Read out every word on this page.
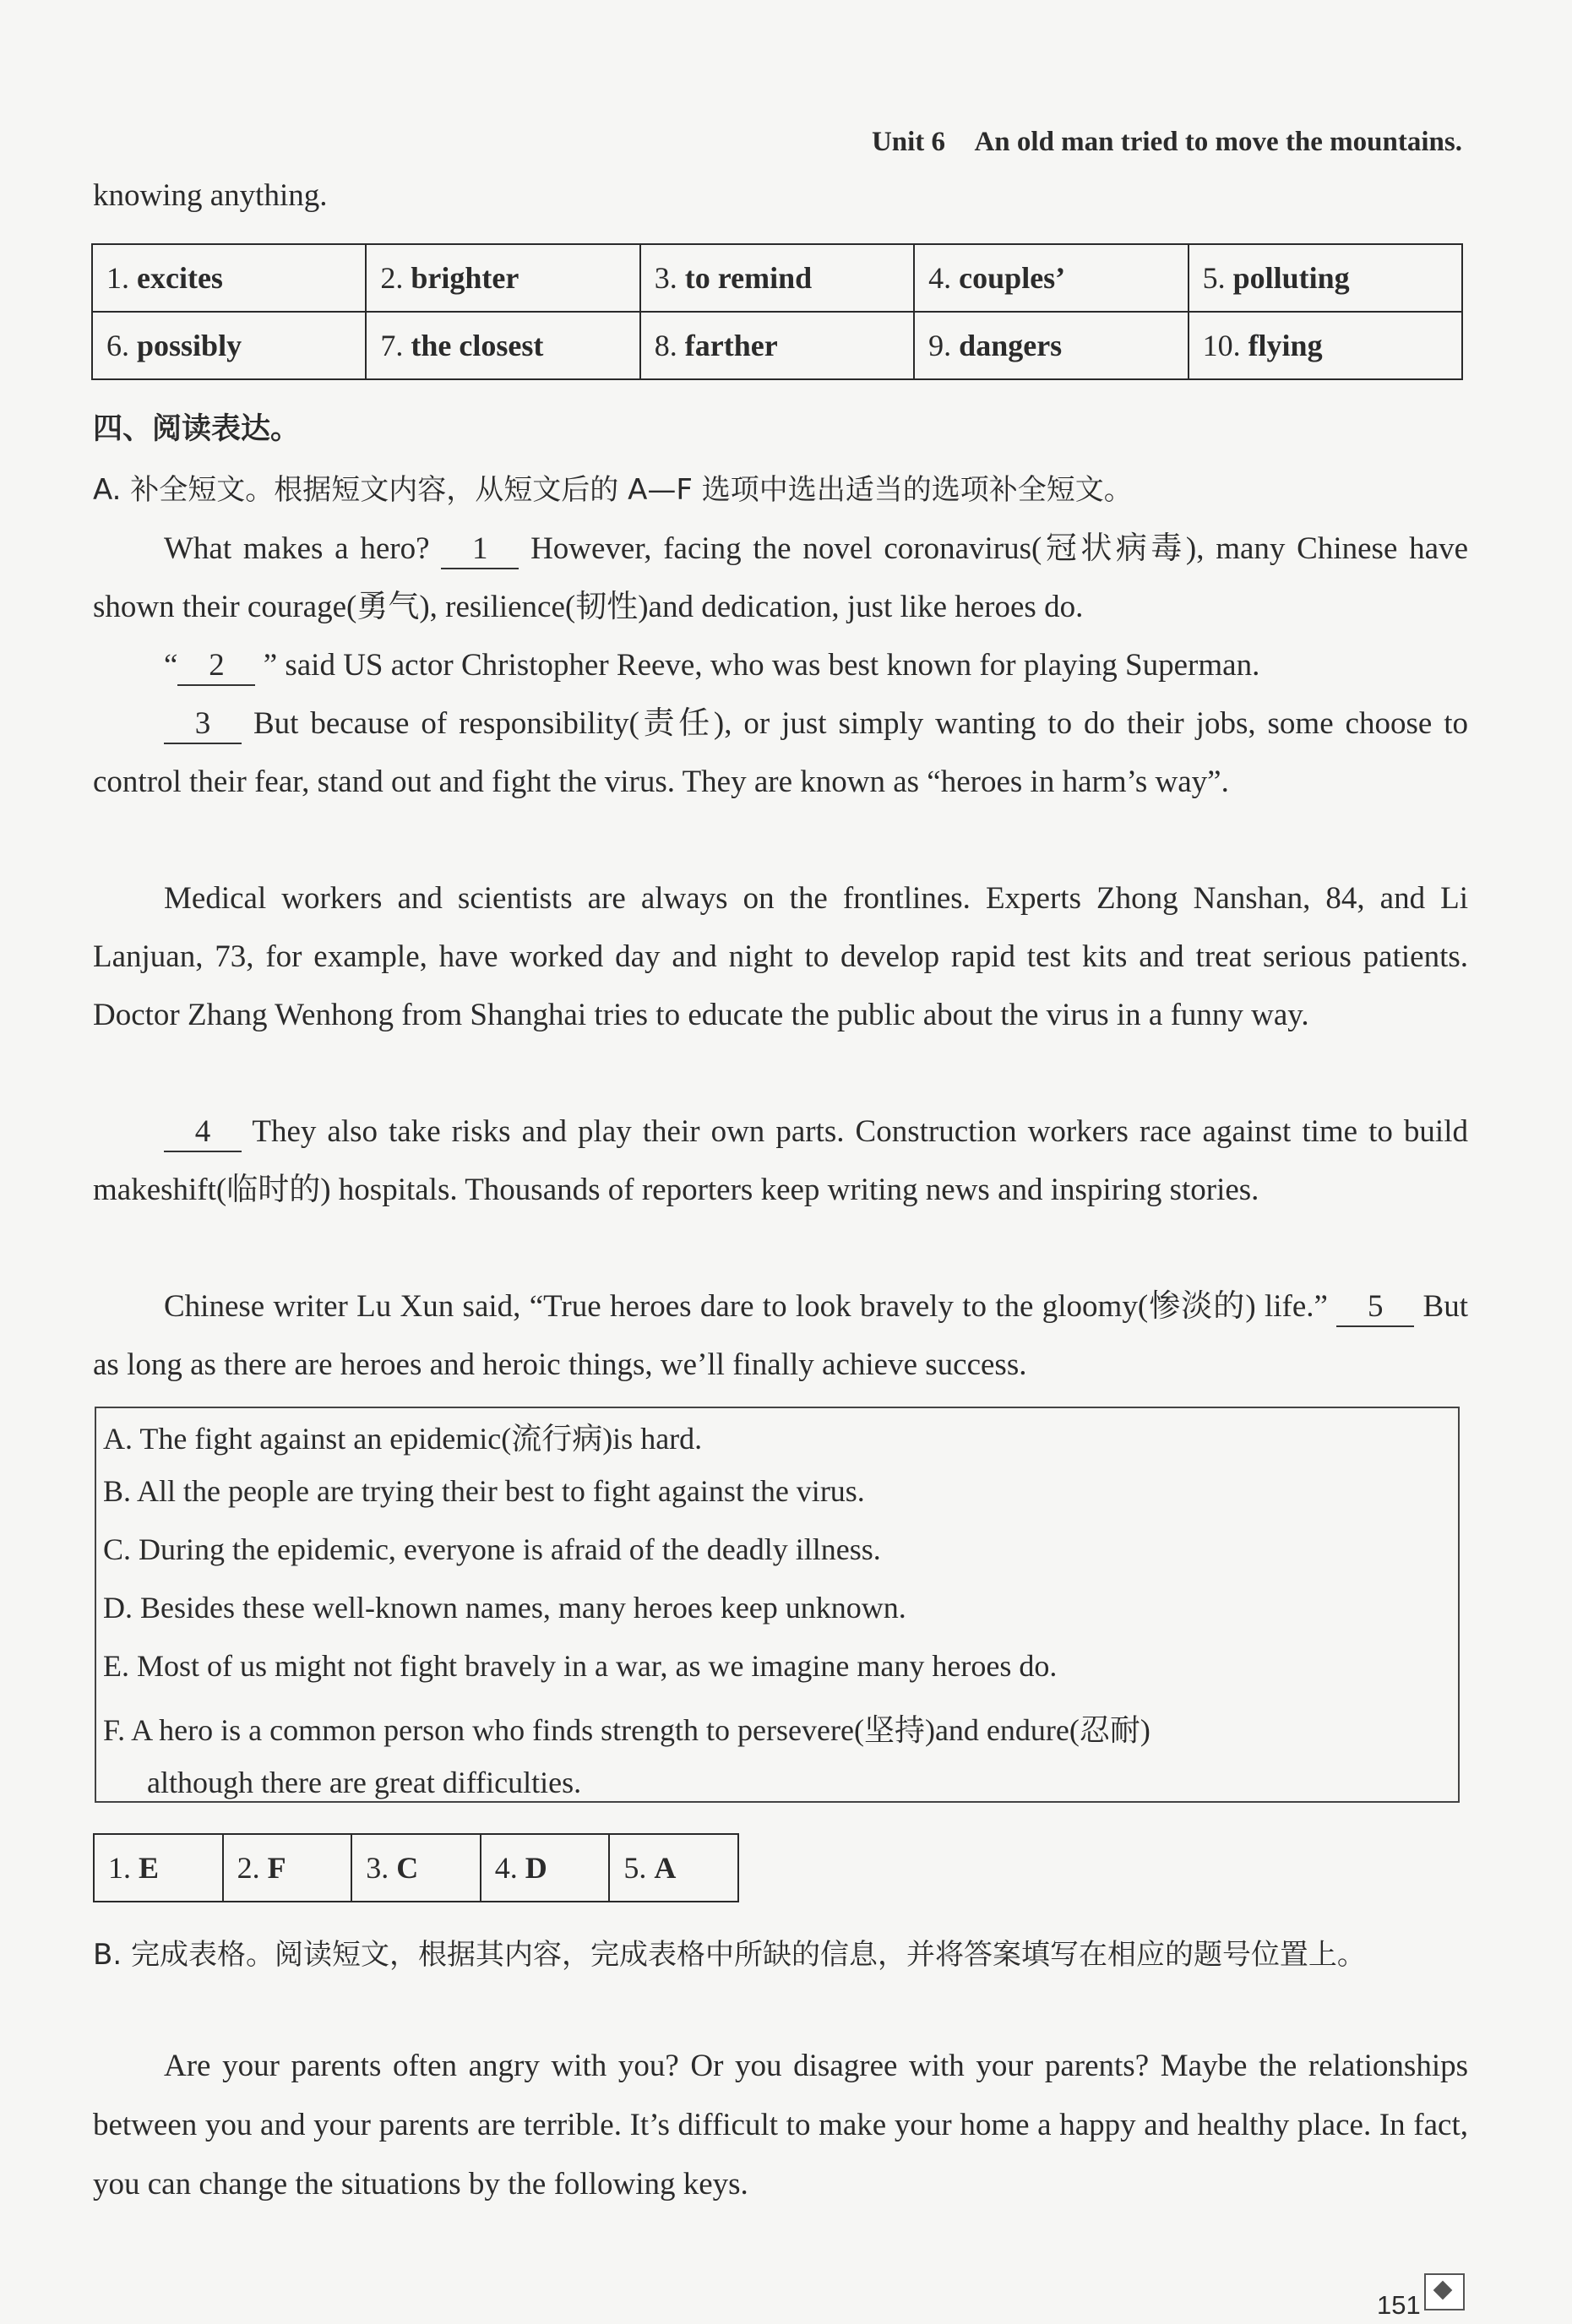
Unit 6 An old man tried to move the mountains.
knowing anything.
1. excites	2. brighter	3. to remind	4. couples’	5. polluting
6. possibly	7. the closest	8. farther	9. dangers	10. flying
四、阅读表达。
A. 补全短文。根据短文内容，从短文后的 A—F 选项中选出适当的选项补全短文。
What makes a hero? 1 However, facing the novel coronavirus(冠状病毒), many Chinese have shown their courage(勇气), resilience(韧性)and dedication, just like heroes do.
“ 2 ” said US actor Christopher Reeve, who was best known for playing Superman.
3 But because of responsibility(责任), or just simply wanting to do their jobs, some choose to control their fear, stand out and fight the virus. They are known as “heroes in harm’s way”.
Medical workers and scientists are always on the frontlines. Experts Zhong Nanshan, 84, and Li Lanjuan, 73, for example, have worked day and night to develop rapid test kits and treat serious patients. Doctor Zhang Wenhong from Shanghai tries to educate the public about the virus in a funny way.
4 They also take risks and play their own parts. Construction workers race against time to build makeshift(临时的) hospitals. Thousands of reporters keep writing news and inspiring stories.
Chinese writer Lu Xun said, “True heroes dare to look bravely to the gloomy(惨淡的) life.” 5 But as long as there are heroes and heroic things, we’ll finally achieve success.
A. The fight against an epidemic(流行病)is hard.
B. All the people are trying their best to fight against the virus.
C. During the epidemic, everyone is afraid of the deadly illness.
D. Besides these well-known names, many heroes keep unknown.
E. Most of us might not fight bravely in a war, as we imagine many heroes do.
F. A hero is a common person who finds strength to persevere(坚持)and endure(忍耐)
although there are great difficulties.
1. E	2. F	3. C	4. D	5. A
B. 完成表格。阅读短文，根据其内容，完成表格中所缺的信息，并将答案填写在相应的题号位置上。
Are your parents often angry with you? Or you disagree with your parents? Maybe the relationships between you and your parents are terrible. It’s difficult to make your home a happy and healthy place. In fact, you can change the situations by the following keys.
151
